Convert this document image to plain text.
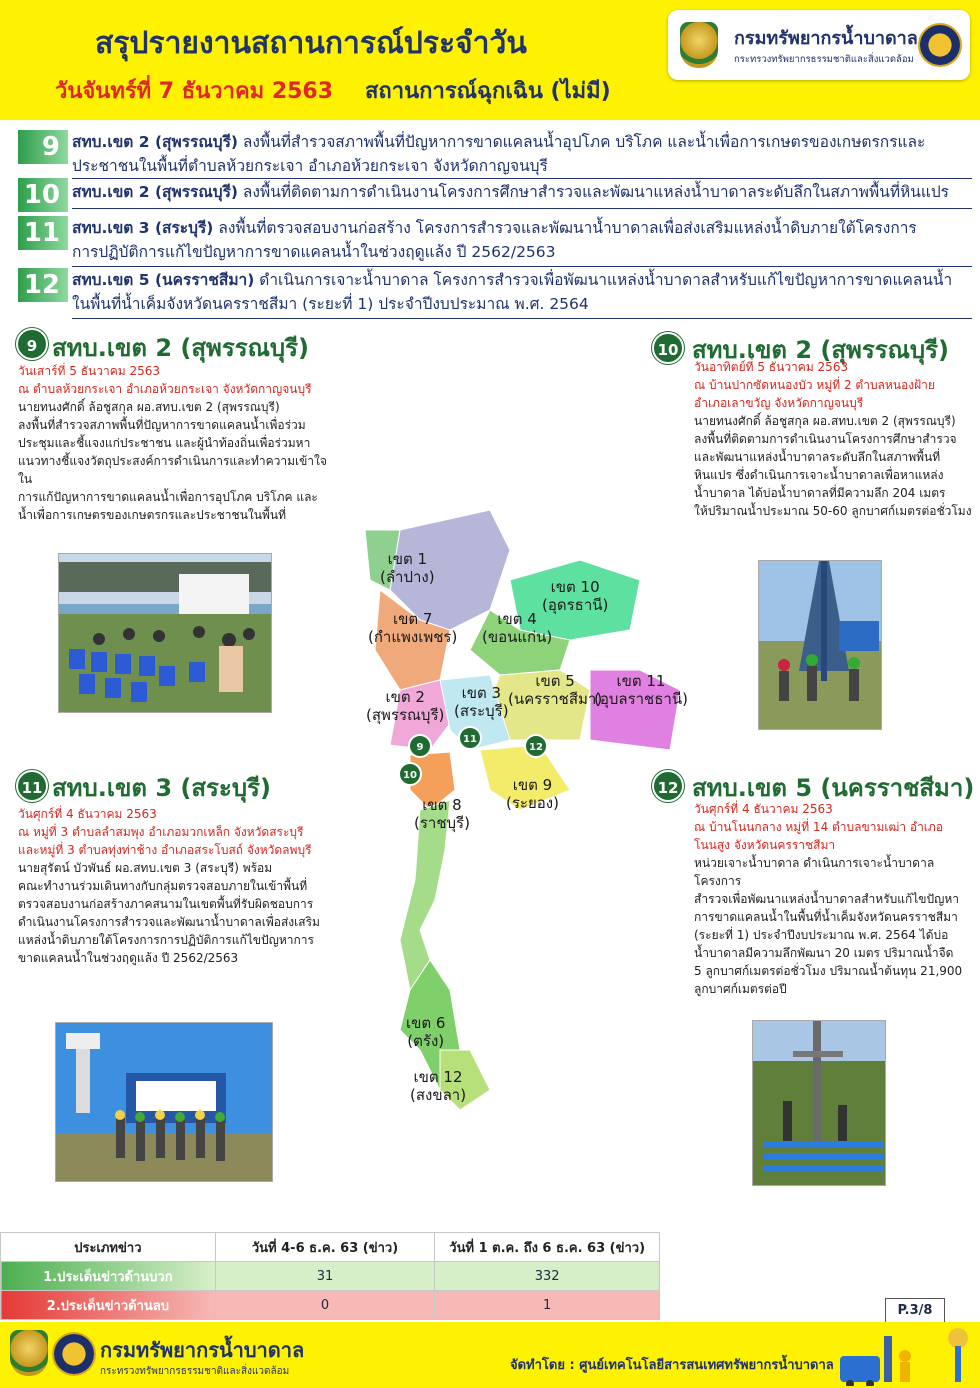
สรุปรายงานสถานการณ์ประจำวัน
วันจันทร์ที่ 7 ธันวาคม 2563 สถานการณ์ฉุกเฉิน (ไม่มี)
กรมทรัพยากรน้ำบาดาล
กระทรวงทรัพยากรธรรมชาติและสิ่งแวดล้อม
9 สทบ.เขต 2 (สุพรรณบุรี) ลงพื้นที่สำรวจสภาพพื้นที่ปัญหาการขาดแคลนน้ำอุปโภค บริโภค และน้ำเพื่อการเกษตรของเกษตรกรและ
ประชาชนในพื้นที่ตำบลห้วยกระเจา อำเภอห้วยกระเจา จังหวัดกาญจนบุรี
10 สทบ.เขต 2 (สุพรรณบุรี) ลงพื้นที่ติดตามการดำเนินงานโครงการศึกษาสำรวจและพัฒนาแหล่งน้ำบาดาลระดับลึกในสภาพพื้นที่หินแปร
11 สทบ.เขต 3 (สระบุรี) ลงพื้นที่ตรวจสอบงานก่อสร้าง โครงการสำรวจและพัฒนาน้ำบาดาลเพื่อส่งเสริมแหล่งน้ำดิบภายใต้โครงการ
การปฏิบัติการแก้ไขปัญหาการขาดแคลนน้ำในช่วงฤดูแล้ง ปี 2562/2563
12 สทบ.เขต 5 (นครราชสีมา) ดำเนินการเจาะน้ำบาดาล โครงการสำรวจเพื่อพัฒนาแหล่งน้ำบาดาลสำหรับแก้ไขปัญหาการขาดแคลนน้ำ
ในพื้นที่น้ำเค็มจังหวัดนครราชสีมา (ระยะที่ 1) ประจำปีงบประมาณ พ.ศ. 2564
9 สทบ.เขต 2 (สุพรรณบุรี)
วันเสาร์ที่ 5 ธันวาคม 2563
ณ ตำบลห้วยกระเจา อำเภอห้วยกระเจา จังหวัดกาญจนบุรี
นายทนงศักดิ์ ล้อชูสกุล ผอ.สทบ.เขต 2 (สุพรรณบุรี)
ลงพื้นที่สำรวจสภาพพื้นที่ปัญหาการขาดแคลนน้ำเพื่อร่วม
ประชุมและชี้แจงแก่ประชาชน และผู้นำท้องถิ่นเพื่อร่วมหา
แนวทางชี้แจงวัตถุประสงค์การดำเนินการและทำความเข้าใจใน
การแก้ปัญหาการขาดแคลนน้ำเพื่อการอุปโภค บริโภค และ
น้ำเพื่อการเกษตรของเกษตรกรและประชาชนในพื้นที่
10 สทบ.เขต 2 (สุพรรณบุรี)
วันอาทิตย์ที่ 5 ธันวาคม 2563
ณ บ้านปากซัดหนองบัว หมู่ที่ 2 ตำบลหนองฝ้าย
อำเภอเลาขวัญ จังหวัดกาญจนบุรี
นายทนงศักดิ์ ล้อชูสกุล ผอ.สทบ.เขต 2 (สุพรรณบุรี)
ลงพื้นที่ติดตามการดำเนินงานโครงการศึกษาสำรวจ
และพัฒนาแหล่งน้ำบาดาลระดับลึกในสภาพพื้นที่
หินแปร ซึ่งดำเนินการเจาะน้ำบาดาลเพื่อหาแหล่ง
น้ำบาดาล ได้บ่อน้ำบาดาลที่มีความลึก 204 เมตร
ให้ปริมาณน้ำประมาณ 50-60 ลูกบาศก์เมตรต่อชั่วโมง
11 สทบ.เขต 3 (สระบุรี)
วันศุกร์ที่ 4 ธันวาคม 2563
ณ หมู่ที่ 3 ตำบลลำสมพุง อำเภอมวกเหล็ก จังหวัดสระบุรี
และหมู่ที่ 3 ตำบลทุ่งท่าช้าง อำเภอสระโบสถ์ จังหวัดลพบุรี
นายสุรัตน์ บัวพันธ์ ผอ.สทบ.เขต 3 (สระบุรี) พร้อม
คณะทำงานร่วมเดินทางกับกลุ่มตรวจสอบภายในเข้าพื้นที่
ตรวจสอบงานก่อสร้างภาคสนามในเขตพื้นที่รับผิดชอบการ
ดำเนินงานโครงการสำรวจและพัฒนาน้ำบาดาลเพื่อส่งเสริม
แหล่งน้ำดิบภายใต้โครงการการปฏิบัติการแก้ไขปัญหาการ
ขาดแคลนน้ำในช่วงฤดูแล้ง ปี 2562/2563
12 สทบ.เขต 5 (นครราชสีมา)
วันศุกร์ที่ 4 ธันวาคม 2563
ณ บ้านโนนกลาง หมู่ที่ 14 ตำบลขามเฒ่า อำเภอ
โนนสูง จังหวัดนครราชสีมา
หน่วยเจาะน้ำบาดาล ดำเนินการเจาะน้ำบาดาลโครงการ
สำรวจเพื่อพัฒนาแหล่งน้ำบาดาลสำหรับแก้ไขปัญหา
การขาดแคลนน้ำในพื้นที่น้ำเค็มจังหวัดนครราชสีมา
(ระยะที่ 1) ประจำปีงบประมาณ พ.ศ. 2564 ได้บ่อ
น้ำบาดาลมีความลึกพัฒนา 20 เมตร ปริมาณน้ำจืด
5 ลูกบาศก์เมตรต่อชั่วโมง ปริมาณน้ำต้นทุน 21,900
ลูกบาศก์เมตรต่อปี
เขต 1
(ลำปาง)
เขต 7
(กำแพงเพชร)
เขต 10
(อุดรธานี)
เขต 4
(ขอนแก่น)
เขต 5
(นครราชสีมา)
เขต 11
(อุบลราชธานี)
เขต 2
(สุพรรณบุรี)
เขต 3
(สระบุรี)
เขต 9
(ระยอง)
เขต 8
(ราชบุรี)
เขต 6
(ตรัง)
เขต 12
(สงขลา)
9
11
12
10
ประเภทข่าว	วันที่ 4-6 ธ.ค. 63 (ข่าว)	วันที่ 1 ต.ค. ถึง 6 ธ.ค. 63 (ข่าว)
1.ประเด็นข่าวด้านบวก	31	332
2.ประเด็นข่าวด้านลบ	0	1	P.3/8
กรมทรัพยากรน้ำบาดาล
กระทรวงทรัพยากรธรรมชาติและสิ่งแวดล้อม	จัดทำโดย : ศูนย์เทคโนโลยีสารสนเทศทรัพยากรน้ำบาดาล
